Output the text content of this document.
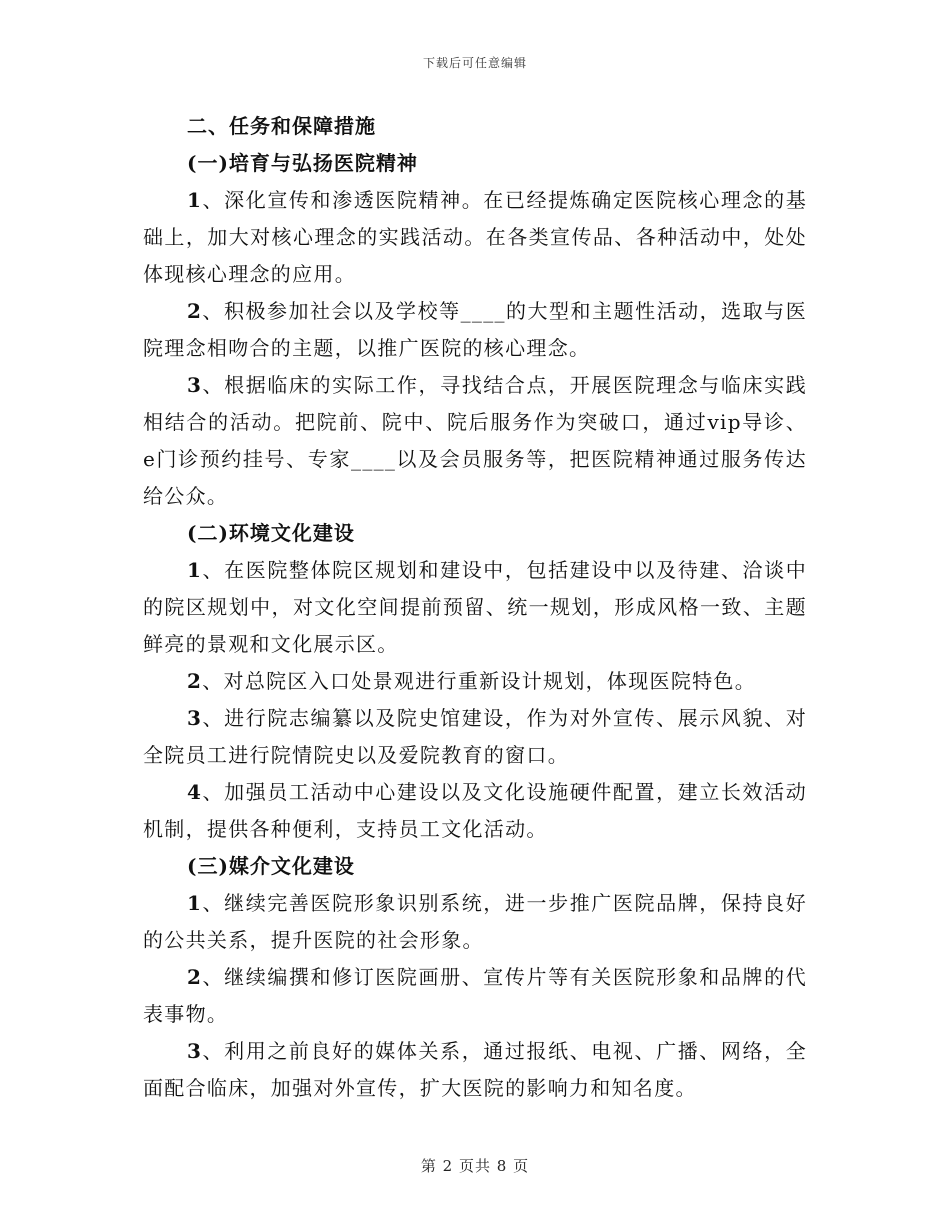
下载后可任意编辑

二、任务和保障措施

(一)培育与弘扬医院精神

1、深化宣传和渗透医院精神。在已经提炼确定医院核心理念的基础上，加大对核心理念的实践活动。在各类宣传品、各种活动中，处处体现核心理念的应用。

2、积极参加社会以及学校等____的大型和主题性活动，选取与医院理念相吻合的主题，以推广医院的核心理念。

3、根据临床的实际工作，寻找结合点，开展医院理念与临床实践相结合的活动。把院前、院中、院后服务作为突破口，通过vip导诊、e门诊预约挂号、专家____以及会员服务等，把医院精神通过服务传达给公众。

(二)环境文化建设

1、在医院整体院区规划和建设中，包括建设中以及待建、洽谈中的院区规划中，对文化空间提前预留、统一规划，形成风格一致、主题鲜亮的景观和文化展示区。

2、对总院区入口处景观进行重新设计规划，体现医院特色。

3、进行院志编纂以及院史馆建设，作为对外宣传、展示风貌、对全院员工进行院情院史以及爱院教育的窗口。

4、加强员工活动中心建设以及文化设施硬件配置，建立长效活动机制，提供各种便利，支持员工文化活动。

(三)媒介文化建设

1、继续完善医院形象识别系统，进一步推广医院品牌，保持良好的公共关系，提升医院的社会形象。

2、继续编撰和修订医院画册、宣传片等有关医院形象和品牌的代表事物。

3、利用之前良好的媒体关系，通过报纸、电视、广播、网络，全面配合临床，加强对外宣传，扩大医院的影响力和知名度。

第 2 页共 8 页
